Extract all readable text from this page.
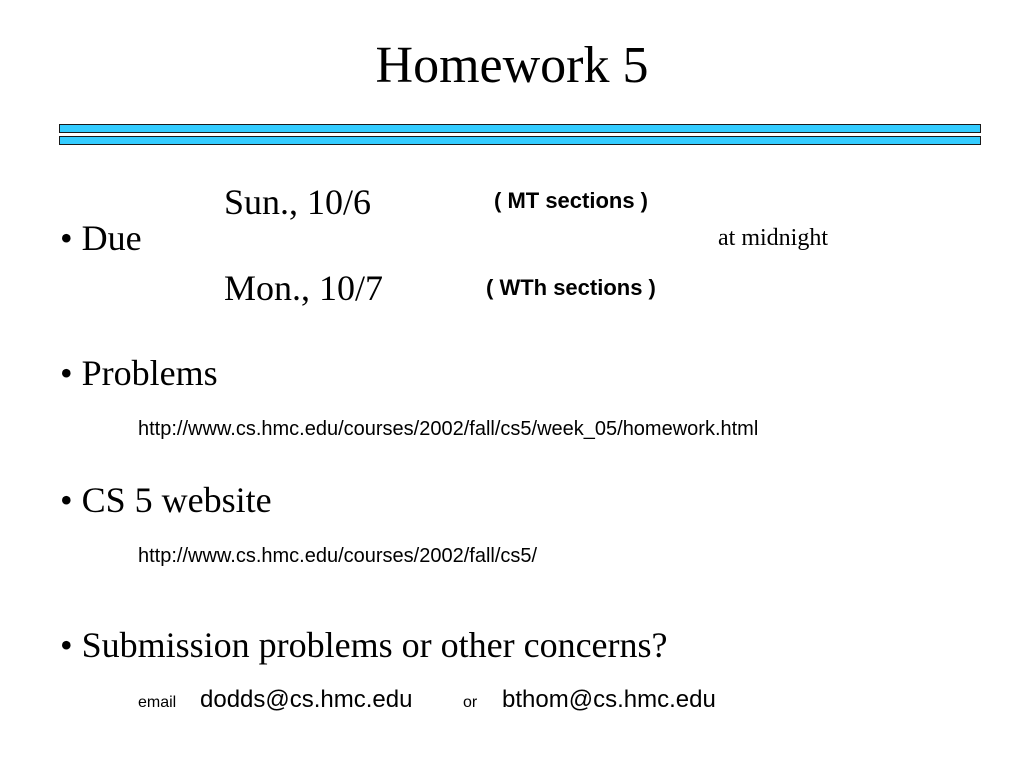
Homework 5
• Due
Sun., 10/6	( MT sections )
at midnight
Mon., 10/7	( WTh sections )
• Problems
http://www.cs.hmc.edu/courses/2002/fall/cs5/week_05/homework.html
• CS 5 website
http://www.cs.hmc.edu/courses/2002/fall/cs5/
• Submission problems or other concerns?
email dodds@cs.hmc.edu	or bthom@cs.hmc.edu
